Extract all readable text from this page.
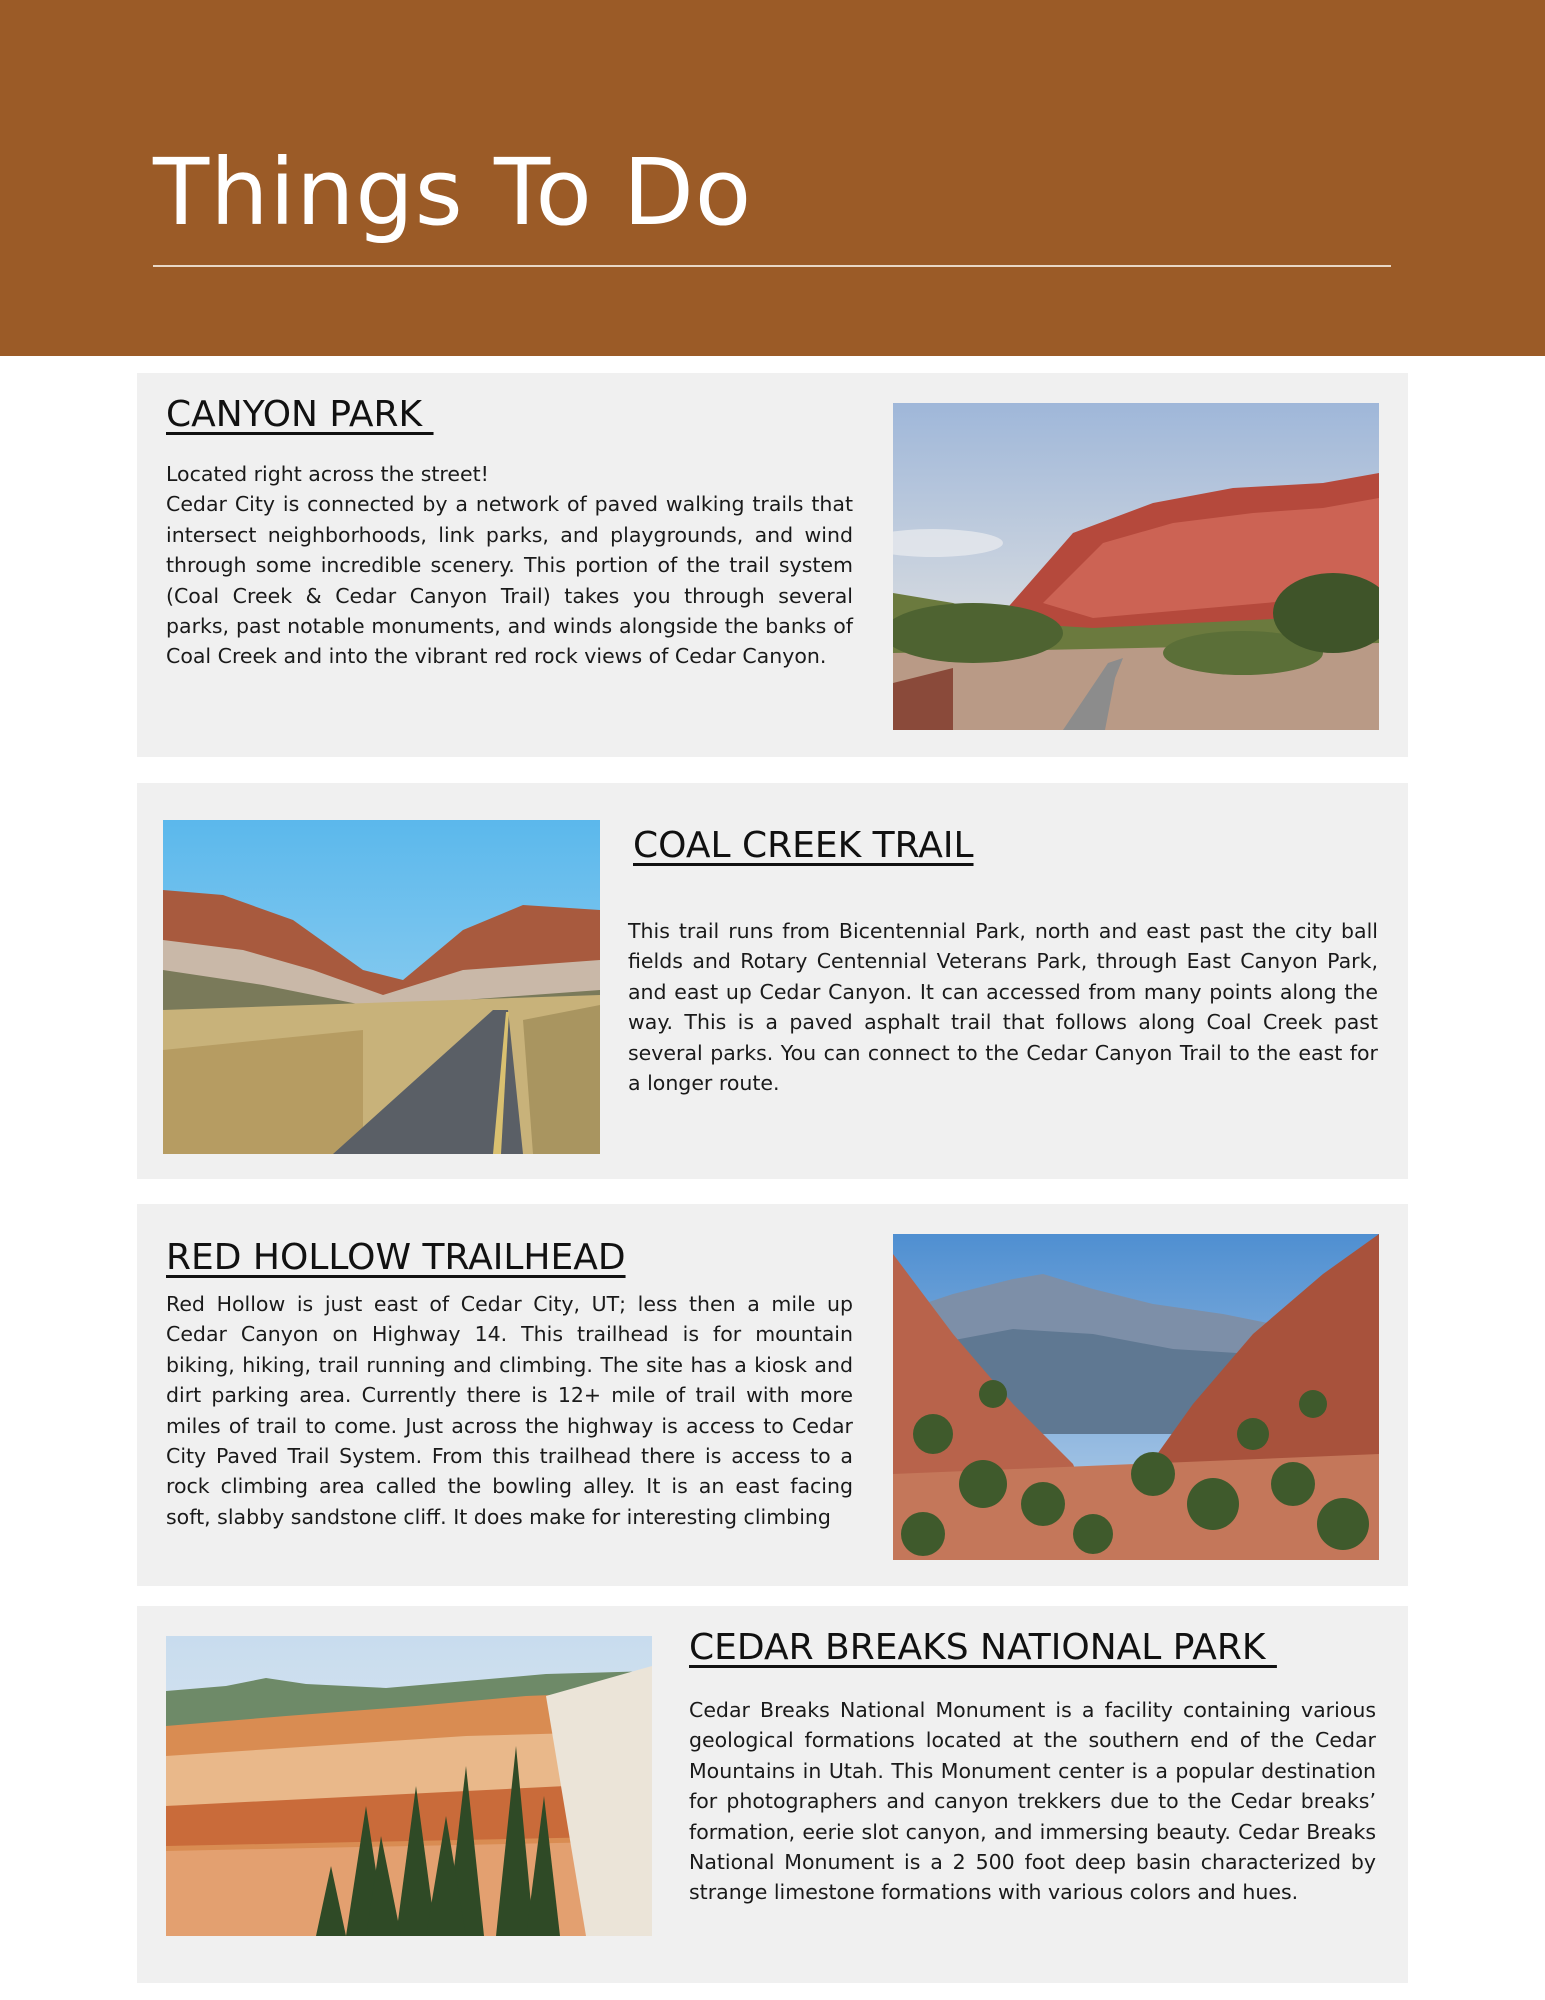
Things To Do
CANYON PARK

Located right across the street!
Cedar City is connected by a network of paved walking trails that intersect neighborhoods, link parks, and playgrounds, and wind through some incredible scenery. This portion of the trail system (Coal Creek & Cedar Canyon Trail) takes you through several parks, past notable monuments, and winds alongside the banks of Coal Creek and into the vibrant red rock views of Cedar Canyon.

COAL CREEK TRAIL

This trail runs from Bicentennial Park, north and east past the city ball fields and Rotary Centennial Veterans Park, through East Canyon Park, and east up Cedar Canyon. It can accessed from many points along the way. This is a paved asphalt trail that follows along Coal Creek past several parks. You can connect to the Cedar Canyon Trail to the east for a longer route.

RED HOLLOW TRAILHEAD

Red Hollow is just east of Cedar City, UT; less then a mile up Cedar Canyon on Highway 14. This trailhead is for mountain biking, hiking, trail running and climbing. The site has a kiosk and dirt parking area. Currently there is 12+ mile of trail with more miles of trail to come. Just across the highway is access to Cedar City Paved Trail System. From this trailhead there is access to a rock climbing area called the bowling alley. It is an east facing soft, slabby sandstone cliff. It does make for interesting climbing

CEDAR BREAKS NATIONAL PARK

Cedar Breaks National Monument is a facility containing various geological formations located at the southern end of the Cedar Mountains in Utah. This Monument center is a popular destination for photographers and canyon trekkers due to the Cedar breaks’ formation, eerie slot canyon, and immersing beauty. Cedar Breaks National Monument is a 2 500 foot deep basin characterized by strange limestone formations with various colors and hues.
